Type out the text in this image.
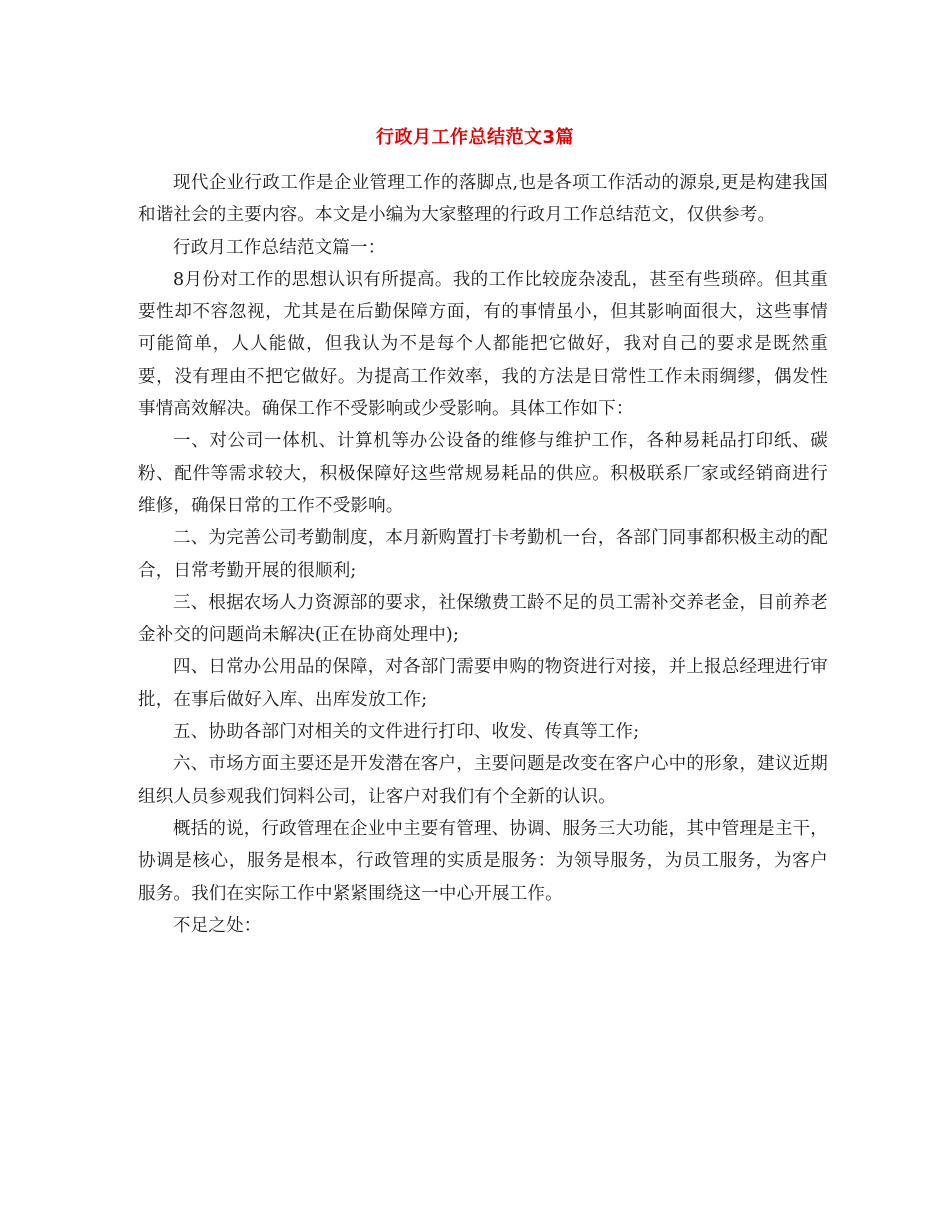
行政月工作总结范文3篇

现代企业行政工作是企业管理工作的落脚点,也是各项工作活动的源泉,更是构建我国和谐社会的主要内容。本文是小编为大家整理的行政月工作总结范文，仅供参考。

行政月工作总结范文篇一：

8月份对工作的思想认识有所提高。我的工作比较庞杂凌乱，甚至有些琐碎。但其重要性却不容忽视，尤其是在后勤保障方面，有的事情虽小，但其影响面很大，这些事情可能简单，人人能做，但我认为不是每个人都能把它做好，我对自己的要求是既然重要，没有理由不把它做好。为提高工作效率，我的方法是日常性工作未雨绸缪，偶发性事情高效解决。确保工作不受影响或少受影响。具体工作如下：

一、对公司一体机、计算机等办公设备的维修与维护工作，各种易耗品打印纸、碳粉、配件等需求较大，积极保障好这些常规易耗品的供应。积极联系厂家或经销商进行维修，确保日常的工作不受影响。

二、为完善公司考勤制度，本月新购置打卡考勤机一台，各部门同事都积极主动的配合，日常考勤开展的很顺利;

三、根据农场人力资源部的要求，社保缴费工龄不足的员工需补交养老金，目前养老金补交的问题尚未解决(正在协商处理中);

四、日常办公用品的保障，对各部门需要申购的物资进行对接，并上报总经理进行审批，在事后做好入库、出库发放工作;

五、协助各部门对相关的文件进行打印、收发、传真等工作;

六、市场方面主要还是开发潜在客户，主要问题是改变在客户心中的形象，建议近期组织人员参观我们饲料公司，让客户对我们有个全新的认识。

概括的说，行政管理在企业中主要有管理、协调、服务三大功能，其中管理是主干，协调是核心，服务是根本，行政管理的实质是服务：为领导服务，为员工服务，为客户服务。我们在实际工作中紧紧围绕这一中心开展工作。

不足之处：
